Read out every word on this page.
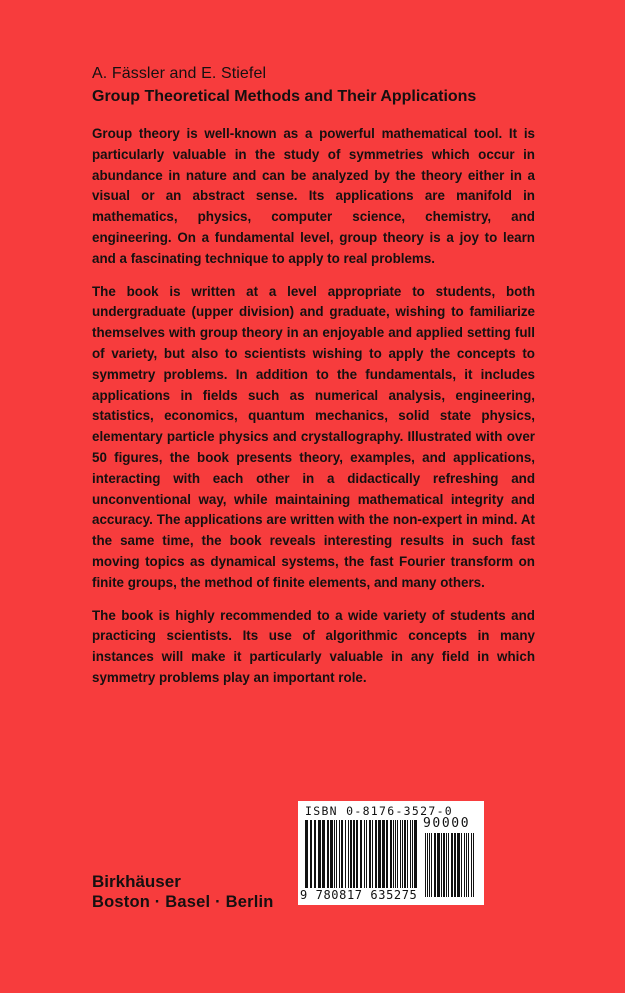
A. Fässler and E. Stiefel
Group Theoretical Methods and Their Applications

Group theory is well-known as a powerful mathematical tool. It is particularly valuable in the study of symmetries which occur in abundance in nature and can be analyzed by the theory either in a visual or an abstract sense. Its applications are manifold in mathematics, physics, computer science, chemistry, and engineering. On a fundamental level, group theory is a joy to learn and a fascinating technique to apply to real problems.

The book is written at a level appropriate to students, both undergraduate (upper division) and graduate, wishing to familiarize themselves with group theory in an enjoyable and applied setting full of variety, but also to scientists wishing to apply the concepts to symmetry problems. In addition to the fundamentals, it includes applications in fields such as numerical analysis, engineering, statistics, economics, quantum mechanics, solid state physics, elementary particle physics and crystallography. Illustrated with over 50 figures, the book presents theory, examples, and applications, interacting with each other in a didactically refreshing and unconventional way, while maintaining mathematical integrity and accuracy. The applications are written with the non-expert in mind. At the same time, the book reveals interesting results in such fast moving topics as dynamical systems, the fast Fourier transform on finite groups, the method of finite elements, and many others.

The book is highly recommended to a wide variety of students and practicing scientists. Its use of algorithmic concepts in many instances will make it particularly valuable in any field in which symmetry problems play an important role.

Birkhäuser
Boston · Basel · Berlin
ISBN 0-8176-3527-0
90000
9 780817 635275
